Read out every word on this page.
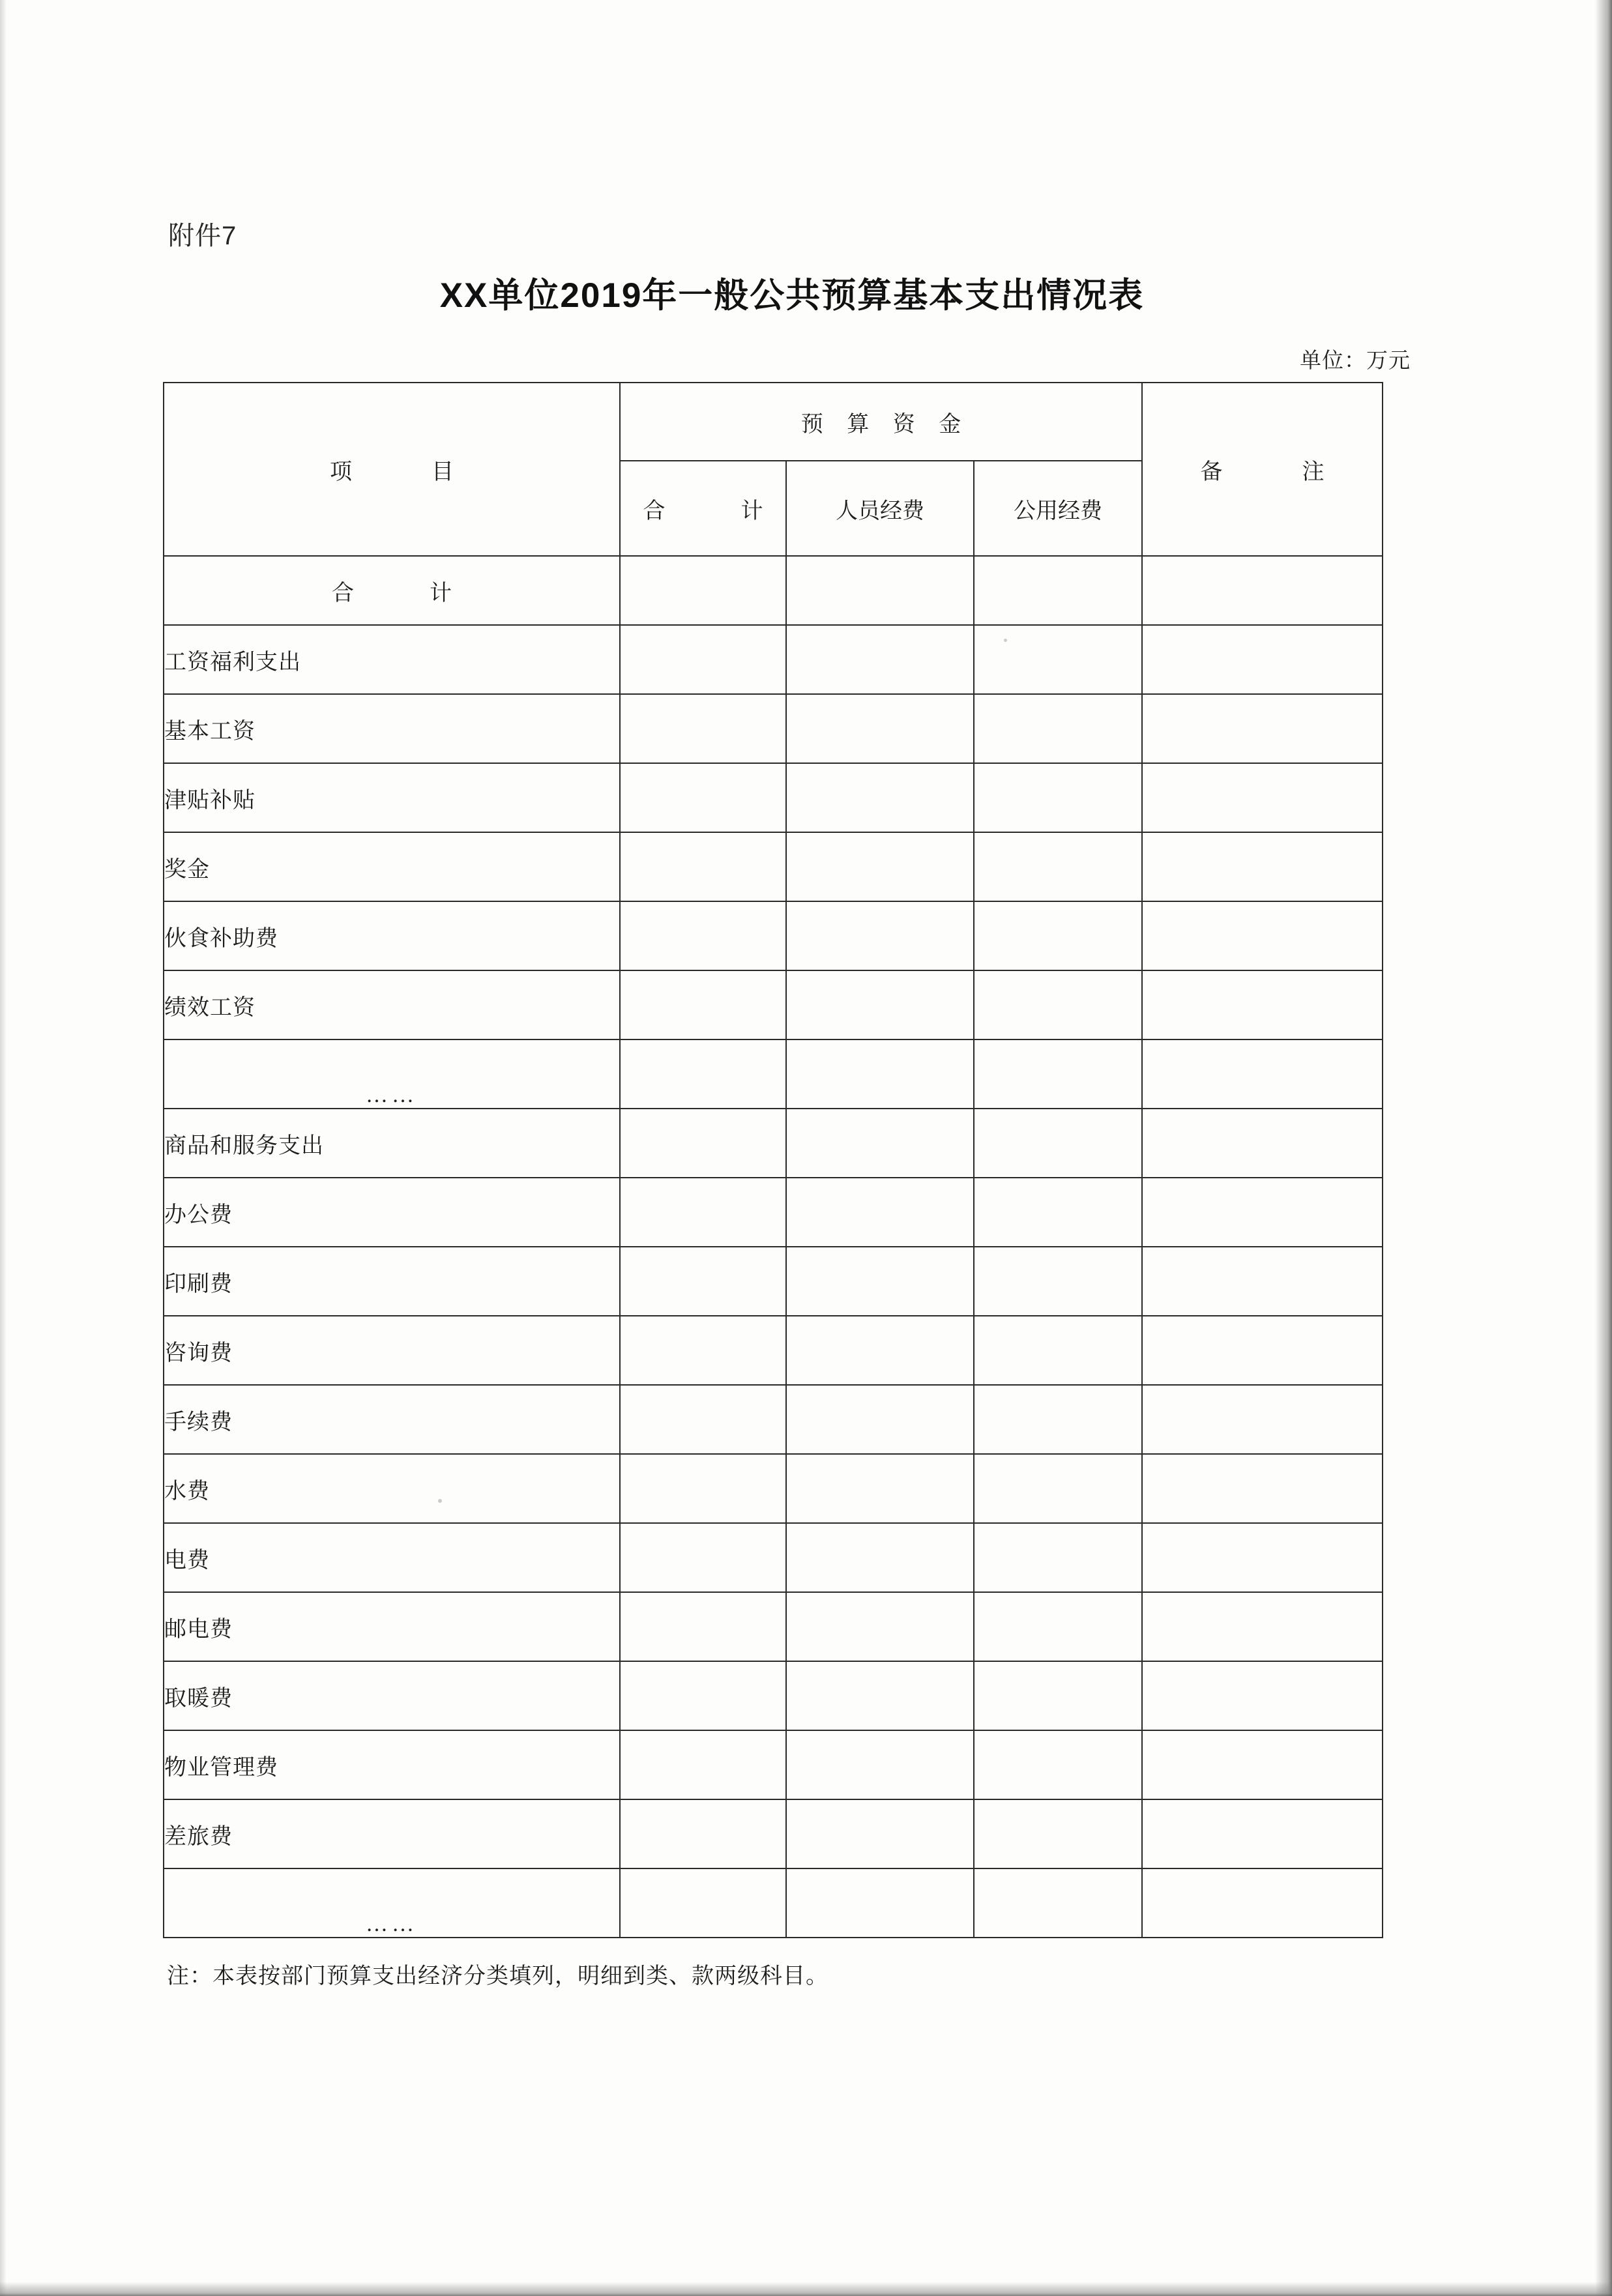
附件7
XX单位2019年一般公共预算基本支出情况表
单位：万元
项　　目	预 算 资 金			备　　注
	合　　计	人员经费	公用经费	
合　　计				
工资福利支出				
基本工资				
津贴补贴				
奖金				
伙食补助费				
绩效工资				
……				
商品和服务支出				
办公费				
印刷费				
咨询费				
手续费				
水费				
电费				
邮电费				
取暖费				
物业管理费				
差旅费				
……				
注：本表按部门预算支出经济分类填列，明细到类、款两级科目。
